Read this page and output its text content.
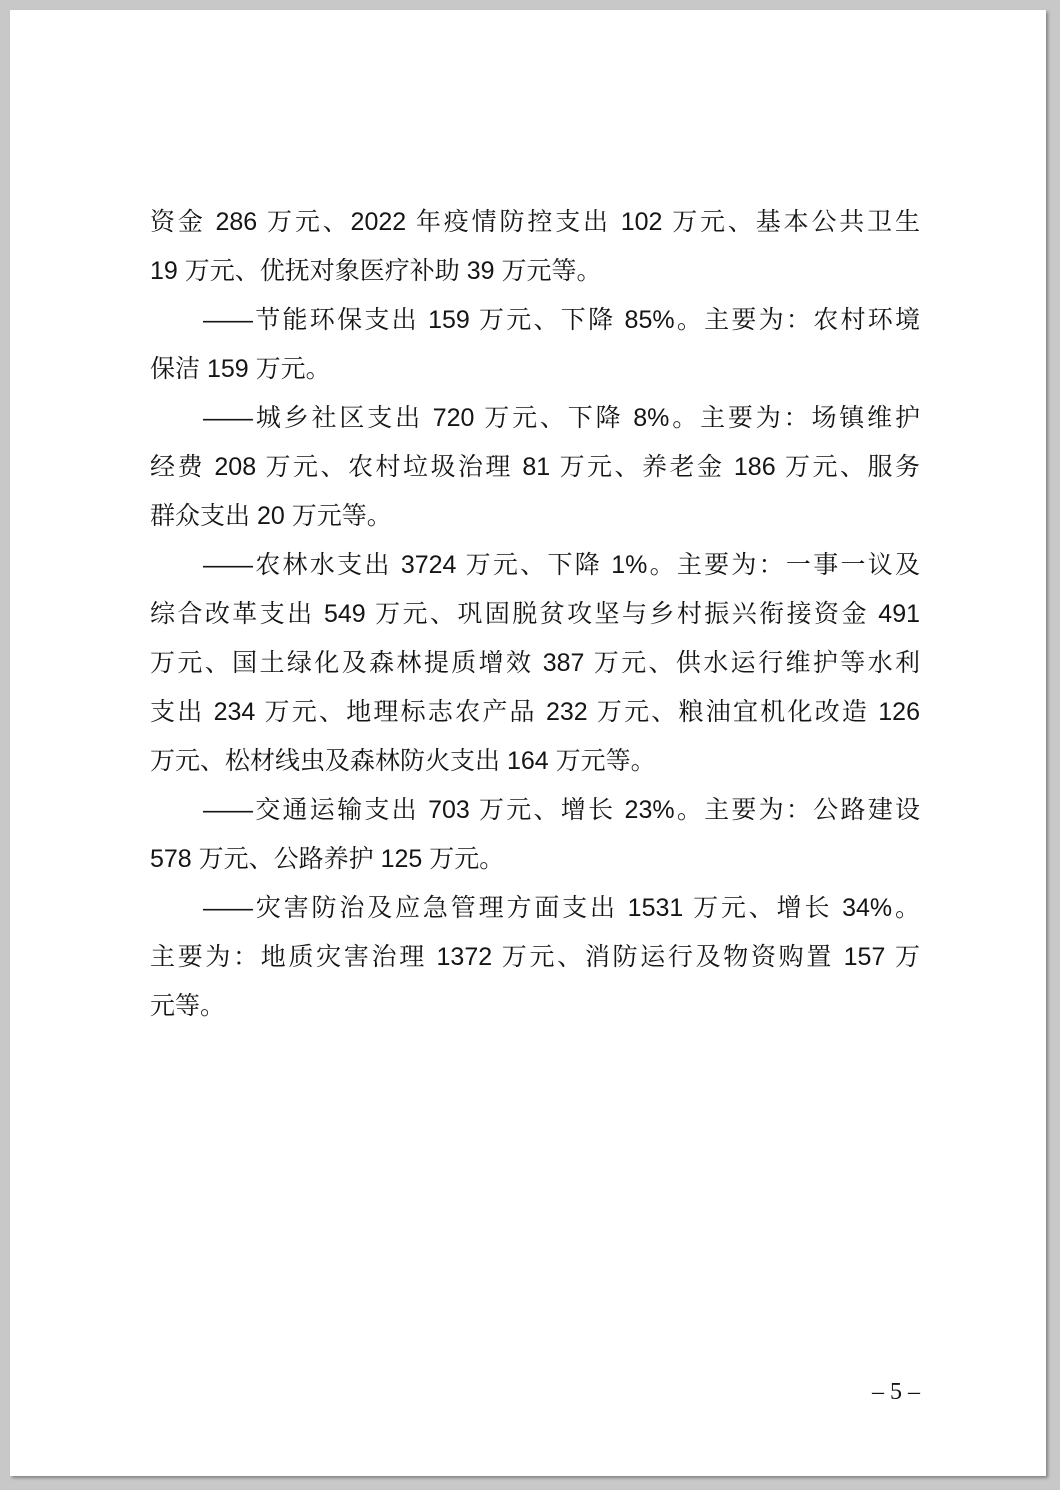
资金 286 万元、2022 年疫情防控支出 102 万元、基本公共卫生
19 万元、优抚对象医疗补助 39 万元等。
——节能环保支出 159 万元、下降 85%。主要为：农村环境
保洁 159 万元。
——城乡社区支出 720 万元、下降 8%。主要为：场镇维护
经费 208 万元、农村垃圾治理 81 万元、养老金 186 万元、服务
群众支出 20 万元等。
——农林水支出 3724 万元、下降 1%。主要为：一事一议及
综合改革支出 549 万元、巩固脱贫攻坚与乡村振兴衔接资金 491
万元、国土绿化及森林提质增效 387 万元、供水运行维护等水利
支出 234 万元、地理标志农产品 232 万元、粮油宜机化改造 126
万元、松材线虫及森林防火支出 164 万元等。
——交通运输支出 703 万元、增长 23%。主要为：公路建设
578 万元、公路养护 125 万元。
——灾害防治及应急管理方面支出 1531 万元、增长 34%。
主要为：地质灾害治理 1372 万元、消防运行及物资购置 157 万
元等。
– 5 –
